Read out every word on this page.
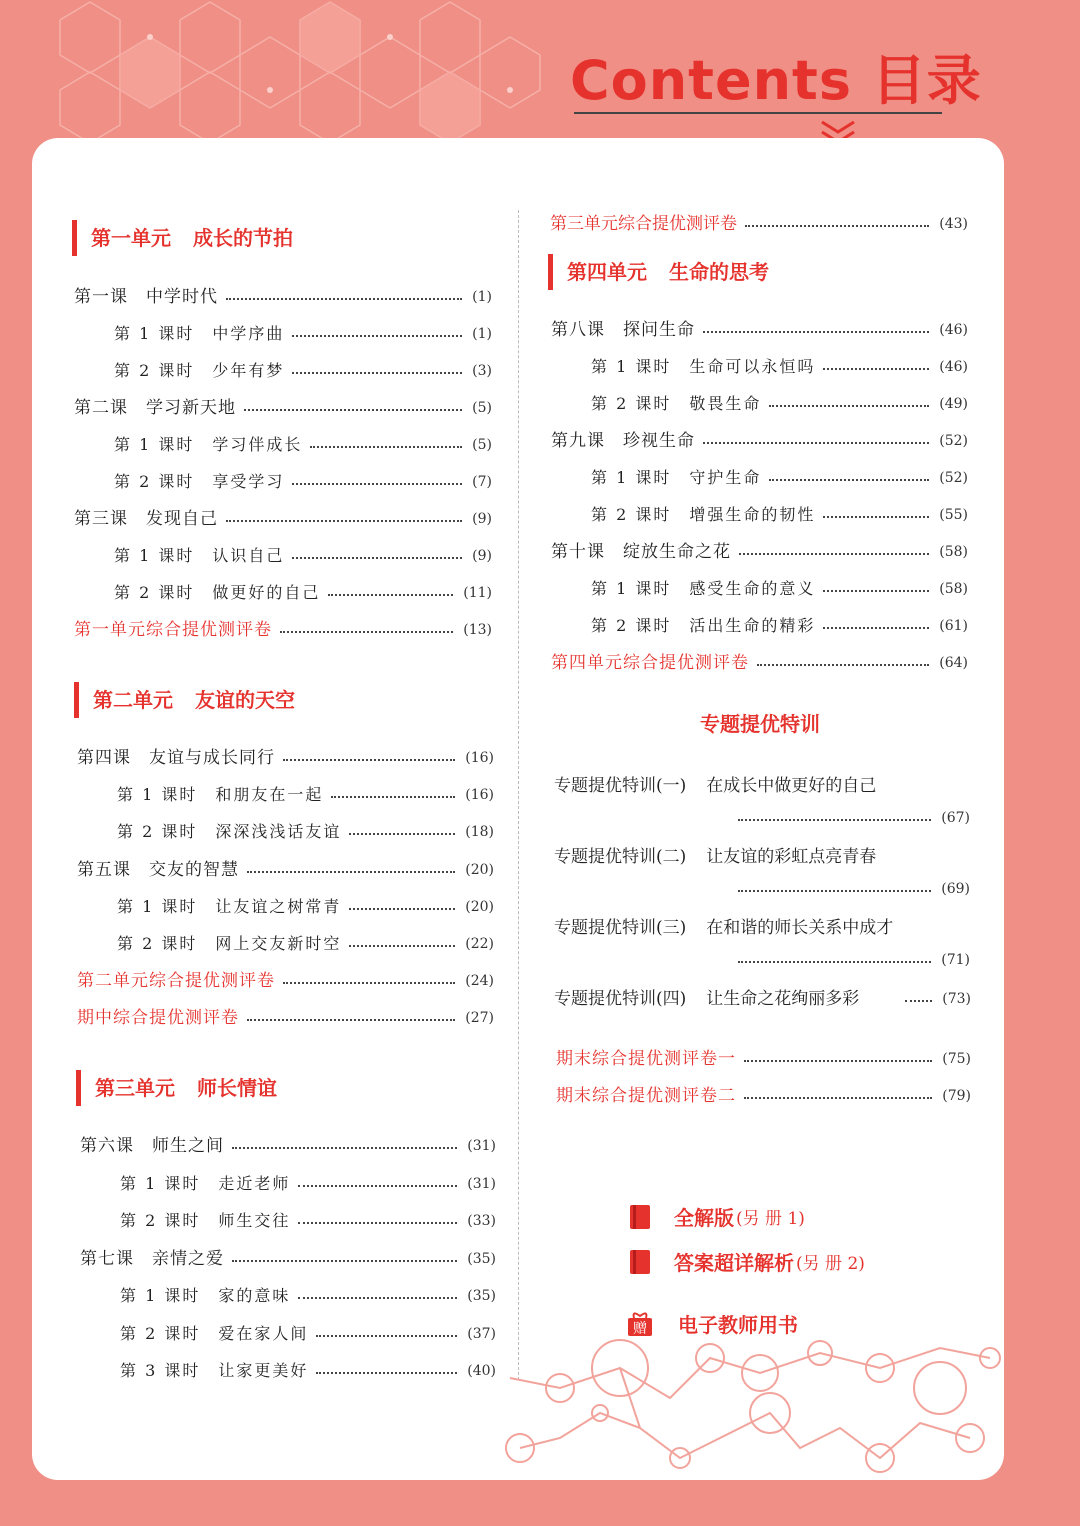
Contents 目录
第一单元 成长的节拍
第一课　中学时代	(1)
第 1 课时　中学序曲	(1)
第 2 课时　少年有梦	(3)
第二课　学习新天地	(5)
第 1 课时　学习伴成长	(5)
第 2 课时　享受学习	(7)
第三课　发现自己	(9)
第 1 课时　认识自己	(9)
第 2 课时　做更好的自己	(11)
第一单元综合提优测评卷	(13)
第二单元 友谊的天空
第四课　友谊与成长同行	(16)
第 1 课时　和朋友在一起	(16)
第 2 课时　深深浅浅话友谊	(18)
第五课　交友的智慧	(20)
第 1 课时　让友谊之树常青	(20)
第 2 课时　网上交友新时空	(22)
第二单元综合提优测评卷	(24)
期中综合提优测评卷	(27)
第三单元 师长情谊
第六课　师生之间	(31)
第 1 课时　走近老师	(31)
第 2 课时　师生交往	(33)
第七课　亲情之爱	(35)
第 1 课时　家的意味	(35)
第 2 课时　爱在家人间	(37)
第 3 课时　让家更美好	(40)
第三单元综合提优测评卷	(43)
第四单元 生命的思考
第八课　探问生命	(46)
第 1 课时　生命可以永恒吗	(46)
第 2 课时　敬畏生命	(49)
第九课　珍视生命	(52)
第 1 课时　守护生命	(52)
第 2 课时　增强生命的韧性	(55)
第十课　绽放生命之花	(58)
第 1 课时　感受生命的意义	(58)
第 2 课时　活出生命的精彩	(61)
第四单元综合提优测评卷	(64)
专题提优特训
专题提优特训(一) 在成长中做更好的自己
(67)
专题提优特训(二) 让友谊的彩虹点亮青春
(69)
专题提优特训(三) 在和谐的师长关系中成才
(71)
专题提优特训(四) 让生命之花绚丽多彩	(73)
期末综合提优测评卷一	(75)
期末综合提优测评卷二	(79)
全解版 (另 册 1)
答案超详解析 (另 册 2)
赠 电子教师用书
